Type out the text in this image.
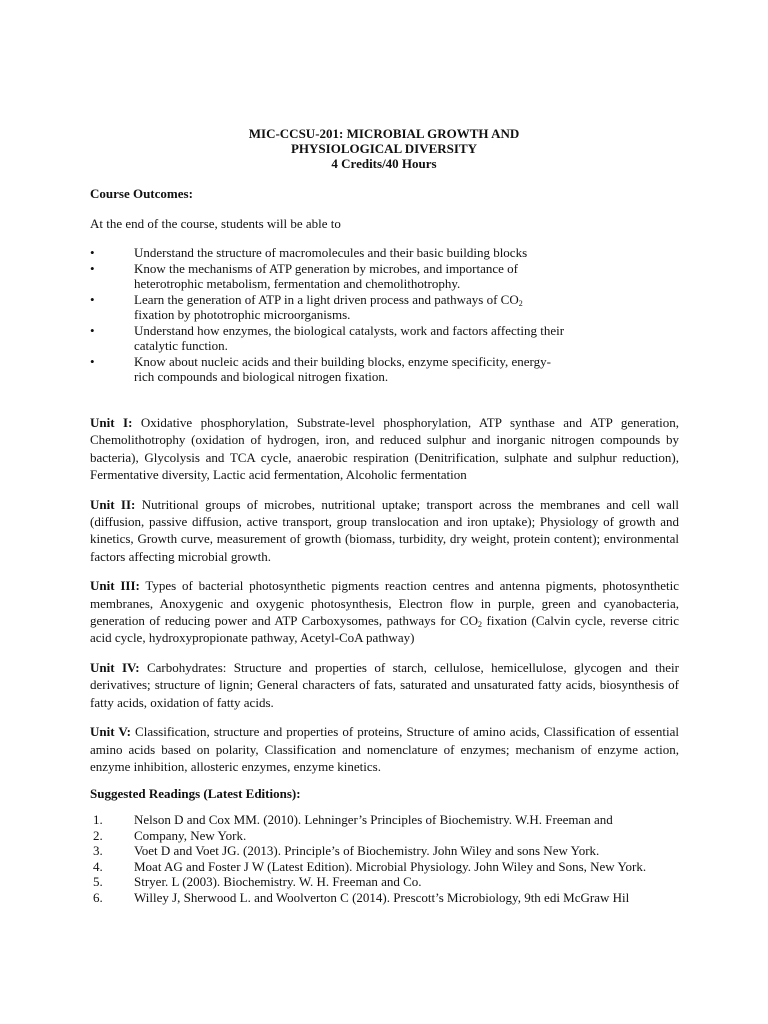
MIC-CCSU-201: MICROBIAL GROWTH AND
PHYSIOLOGICAL DIVERSITY
4 Credits/40 Hours
Course Outcomes:
At the end of the course, students will be able to
•	Understand the structure of macromolecules and their basic building blocks
•	Know the mechanisms of ATP generation by microbes, and importance of
heterotrophic metabolism, fermentation and chemolithotrophy.
•	Learn the generation of ATP in a light driven process and pathways of $CO_2$
fixation by phototrophic microorganisms.
•	Understand how enzymes, the biological catalysts, work and factors affecting their
catalytic function.
•	Know about nucleic acids and their building blocks, enzyme specificity, energy-
rich compounds and biological nitrogen fixation.

Unit I: Oxidative phosphorylation, Substrate-level phosphorylation, ATP synthase and ATP generation, Chemolithotrophy (oxidation of hydrogen, iron, and reduced sulphur and inorganic nitrogen compounds by bacteria), Glycolysis and TCA cycle, anaerobic respiration (Denitrification, sulphate and sulphur reduction), Fermentative diversity, Lactic acid fermentation, Alcoholic fermentation

Unit II: Nutritional groups of microbes, nutritional uptake; transport across the membranes and cell wall (diffusion, passive diffusion, active transport, group translocation and iron uptake); Physiology of growth and kinetics, Growth curve, measurement of growth (biomass, turbidity, dry weight, protein content); environmental factors affecting microbial growth.

Unit III: Types of bacterial photosynthetic pigments reaction centres and antenna pigments, photosynthetic membranes, Anoxygenic and oxygenic photosynthesis, Electron flow in purple, green and cyanobacteria, generation of reducing power and ATP Carboxysomes, pathways for $CO_2$ fixation (Calvin cycle, reverse citric acid cycle, hydroxypropionate pathway, Acetyl-CoA pathway)

Unit IV: Carbohydrates: Structure and properties of starch, cellulose, hemicellulose, glycogen and their derivatives; structure of lignin; General characters of fats, saturated and unsaturated fatty acids, biosynthesis of fatty acids, oxidation of fatty acids.

Unit V: Classification, structure and properties of proteins, Structure of amino acids, Classification of essential amino acids based on polarity, Classification and nomenclature of enzymes; mechanism of enzyme action, enzyme inhibition, allosteric enzymes, enzyme kinetics.

Suggested Readings (Latest Editions):
1. Nelson D and Cox MM. (2010). Lehninger’s Principles of Biochemistry. W.H. Freeman and
2. Company, New York.
3. Voet D and Voet JG. (2013). Principle’s of Biochemistry. John Wiley and sons New York.
4. Moat AG and Foster J W (Latest Edition). Microbial Physiology. John Wiley and Sons, New York.
5. Stryer. L (2003). Biochemistry. W. H. Freeman and Co.
6. Willey J, Sherwood L. and Woolverton C (2014). Prescott’s Microbiology, 9th edi McGraw Hil
